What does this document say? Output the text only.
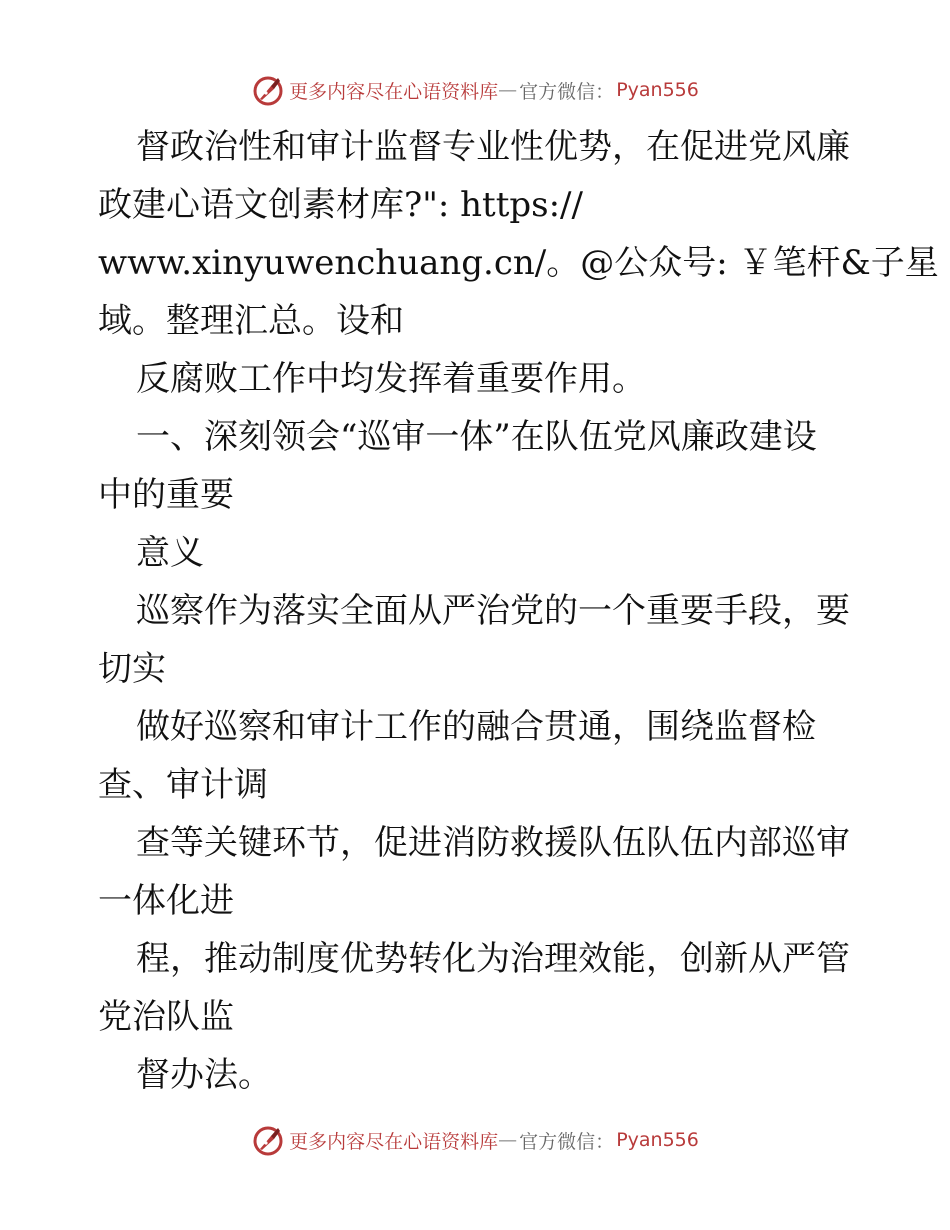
更多内容尽在心语资料库 — 官方微信： Pyan556
督政治性和审计监督专业性优势，在促进党风廉
政建心语文创素材库?": https://
www.xinyuwenchuang.cn/。@公众号: ￥笔杆&子星
域。整理汇总。设和
反腐败工作中均发挥着重要作用。
一、深刻领会“巡审一体”在队伍党风廉政建设
中的重要
意义
巡察作为落实全面从严治党的一个重要手段，要
切实
做好巡察和审计工作的融合贯通，围绕监督检
查、审计调
查等关键环节，促进消防救援队伍队伍内部巡审
一体化进
程，推动制度优势转化为治理效能，创新从严管
党治队监
督办法。
更多内容尽在心语资料库 — 官方微信： Pyan556
